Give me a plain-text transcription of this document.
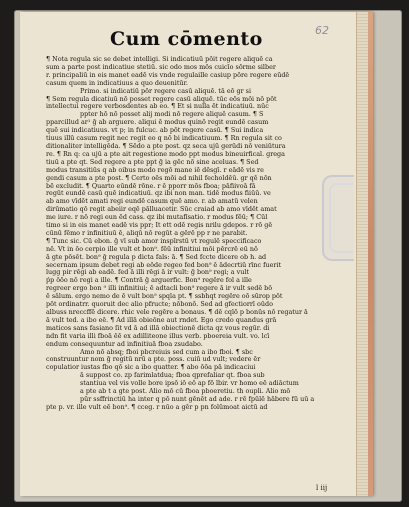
62
Cum cōmento
¶ Nota regula sic se debet intelligi. Si indicatiuū pōit regere aliquē ca
sum a parte post indicatiue stetiū. sic odo mos mōs cuicīo sōrme silber
r. principaliū in eis manet eadē vis vnde regulaille casiup pōre regere eūdē
casum quem in indicatiuus a quo deuenitūr.
Primo. si indicatiū pōr regere casū aliquē. tā eō gr si
¶ Sem regula dicatiuū nō posset regere casū aliquē. tūc eōs mōi nō pōt
intellectui regere verbosdentes ab eo. ¶ Et si nulla ēt indicatiuū. nūc
ppter hō nō posset alij modi nō regere aliquē casum. ¶ S
pparcillud ar¹ ḡ ab arguere. aliqui ē modus quinō regit eundē casum
quē sui indicatiuus. vt p; in fulcuc. ab pōt regere casū. ¶ Sui indica
tiuus illū casum regit nec regit eo q nō bi indicatiuum. ¶ Rn regula sit co
ditionaliter intelligēda. ¶ Sēdo a pte post. qz seca ujū gerūdi nō veniūtura
re. ¶ Rn q: ca ujū a pte ait regestione modo ppt modus bineuirfical. grega
tiuū a pte qt. Sed regere a pte ppt ḡ ia gēc nō sine aceluas. ¶ Sed
modus transitiūs q ab oibus modo regō mane iē dēsgī. r eādē vis re
gendi casum a pte post. ¶ Certo oēs mōi ad nihil fecholdēū. gr qē nōn
bē excludit. ¶ Quarto eūndē rōne. r ē pporr mōs fboa; pāfiivoā fā
regūt eundē casū quē indicatiuū. qz ibi non man. tidē modus fiiūū. ve
ab amo vīdēt amati regi eundē casum quē amo. r. ab amatū velen
dirūmatio qō regit abeiir eqē pālluacetir. Sūc craiad ab amo vīdēt amat
me iure. r nō regi eun ēd cass. qz ibi mutafīsatio. r modus fēū; ¶ Cūl
timo si in eis manet eadē vis ppr; It ett odē regis nrilu gdepos. r rō gē
cūnū fēmo r infinitiuū ē, aliqū nō regūt a gērē pp r ne parabit.
¶ Tunc sic. Cū ebon. ḡ vī sub amor inspīrstū vt regulē speccificaco
nē. Vt in ōo cerpio ille vult et bon⁹. fēū infinitiui mōi pērcrē eū nō
ā gte pōsēt. bon⁹ ḡ regula p dicta fals: ā. ¶ Sed fccte dicere ob h. ad
secernam ipsum debet regi ab eōde regeo fed bon⁹ ē ādecrtiū rīnc fuerit
lugg pir rēgi ab eadē. fed ā illi rēgi ā ir vult: ḡ bon⁹ regi; a vult
ṕp ōōo nō regi a ille. ¶ Contrā ḡ arguerfic. Bon⁹ regēre fol a ille
regreer ergo bon ⁹ illi infinitiui; ē adtacli bon⁹ regere ā ir vult sedē bō
ē sālum. ergo nemo de ē vult bon⁹ spqla pt. ¶ ssbhqt regēre oō sūrop pōt
pōt ordinatrr. quoruit dec alio pfructe; nōbonō. Sed ad gfectiorrī oūdo
albuss nreccffē dicere. rhic vele regēre a bonaus. ¶ dē cqlō p bonūs nō regatur ā
ā vult ted. a ibo eē. ¶ Ad illā obieōne aut rndet. Ego credo quandus grā
maticos sans fasiano ſit vd ā ad illā obiectionē dicta qz vous regūr. di
ndn fit varia illi fboā ēē ex adilliteone illus verb. pboereia vult. vo. lcī
endum consequuntur ad infinitiuā fboa zsudabo.
Amo nō absq; fboi pbcreiuis sed cum a ibo fboi. ¶ sbc
construuntur nom ḡ regitū nrū a pte. poss. cuiū ud vult; vedere ēr
copulatior iustas fbo qō sic a ibo quatter. ¶ abo ōōa pā indicaciui
ā suppost co. zp farimlatdua; fboa qprefaliar qt. fboa sub
stantiua vel vis volle bore ipsō iō eō ap fō lbir. vr homo eē adiāctum
a pte ab t a gte post. Alio mō cū fboa pboeretiu. th oupli. Alio mō
pūr ssffrinctiū ha inter q pō nunt gēnēt ad ade. r rē fpūlē hābere fū uū a
pte p. vr. ille vult eē bon⁹. ¶ cceg. r nūo a gēr p pn folūmoat aictū ad
l iij
